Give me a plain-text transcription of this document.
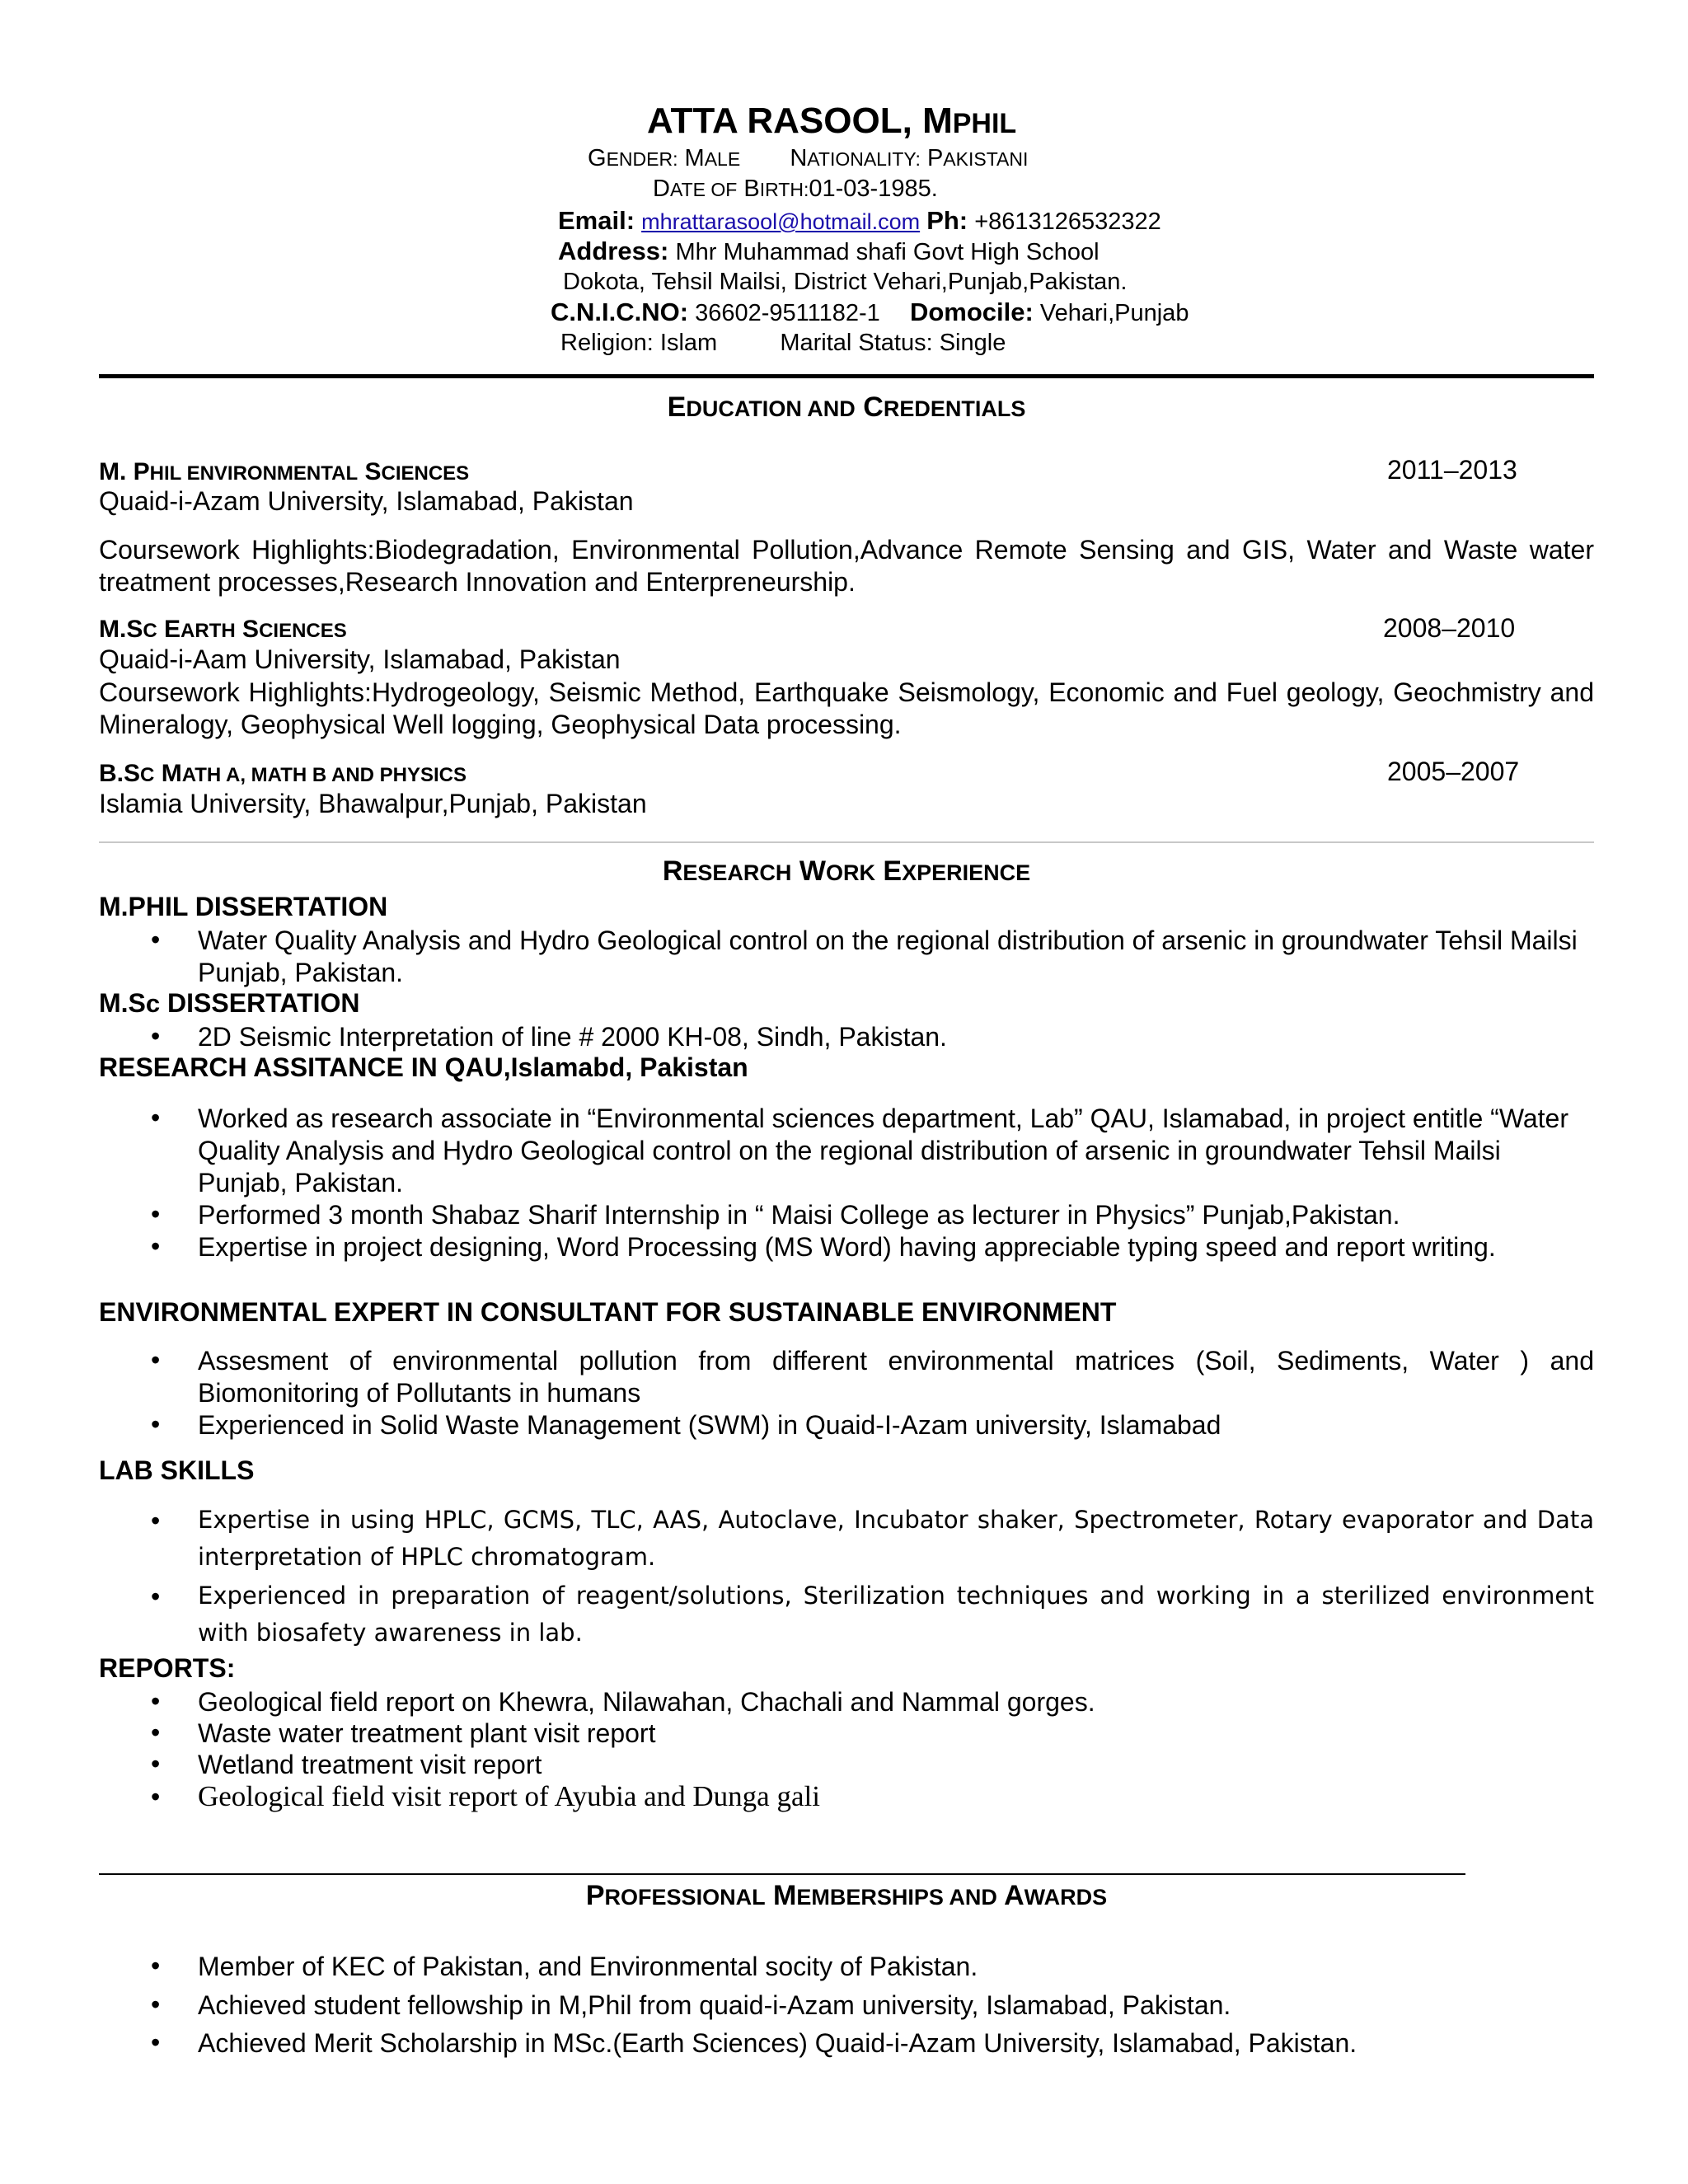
ATTA RASOOL, MPHIL
GENDER: MALE NATIONALITY: PAKISTANI
DATE OF BIRTH:01-03-1985.
Email: mhrattarasool@hotmail.com Ph: +8613126532322
Address: Mhr Muhammad shafi Govt High School
Dokota, Tehsil Mailsi, District Vehari,Punjab,Pakistan.
C.N.I.C.NO: 36602-9511182-1 Domocile: Vehari,Punjab
Religion: Islam	Marital Status: Single
EDUCATION AND CREDENTIALS
M. PHIL ENVIRONMENTAL SCIENCES	2011–2013
Quaid-i-Azam University, Islamabad, Pakistan
Coursework Highlights:Biodegradation, Environmental Pollution,Advance Remote Sensing and GIS, Water and Waste water treatment processes,Research Innovation and Enterpreneurship.
M.SC EARTH SCIENCES	2008–2010
Quaid-i-Aam University, Islamabad, Pakistan
Coursework Highlights:Hydrogeology, Seismic Method, Earthquake Seismology, Economic and Fuel geology, Geochmistry and Mineralogy, Geophysical Well logging, Geophysical Data processing.
B.SC MATH A, MATH B AND PHYSICS	2005–2007
Islamia University, Bhawalpur,Punjab, Pakistan
RESEARCH WORK EXPERIENCE
M.PHIL DISSERTATION
• Water Quality Analysis and Hydro Geological control on the regional distribution of arsenic in groundwater Tehsil Mailsi Punjab, Pakistan.
M.Sc DISSERTATION
• 2D Seismic Interpretation of line # 2000 KH-08, Sindh, Pakistan.
RESEARCH ASSITANCE IN QAU,Islamabd, Pakistan
• Worked as research associate in “Environmental sciences department, Lab” QAU, Islamabad, in project entitle “Water Quality Analysis and Hydro Geological control on the regional distribution of arsenic in groundwater Tehsil Mailsi Punjab, Pakistan.
• Performed 3 month Shabaz Sharif Internship in “ Maisi College as lecturer in Physics” Punjab,Pakistan.
• Expertise in project designing, Word Processing (MS Word) having appreciable typing speed and report writing.
ENVIRONMENTAL EXPERT IN CONSULTANT FOR SUSTAINABLE ENVIRONMENT
• Assesment of environmental pollution from different environmental matrices (Soil, Sediments, Water ) and Biomonitoring of Pollutants in humans
• Experienced in Solid Waste Management (SWM) in Quaid-I-Azam university, Islamabad
LAB SKILLS
• Expertise in using HPLC, GCMS, TLC, AAS, Autoclave, Incubator shaker, Spectrometer, Rotary evaporator and Data interpretation of HPLC chromatogram.
• Experienced in preparation of reagent/solutions, Sterilization techniques and working in a sterilized environment with biosafety awareness in lab.
REPORTS:
• Geological field report on Khewra, Nilawahan, Chachali and Nammal gorges.
• Waste water treatment plant visit report
• Wetland treatment visit report
• Geological field visit report of Ayubia and Dunga gali
PROFESSIONAL MEMBERSHIPS AND AWARDS
• Member of KEC of Pakistan, and Environmental socity of Pakistan.
• Achieved student fellowship in M,Phil from quaid-i-Azam university, Islamabad, Pakistan.
• Achieved Merit Scholarship in MSc.(Earth Sciences) Quaid-i-Azam University, Islamabad, Pakistan.
